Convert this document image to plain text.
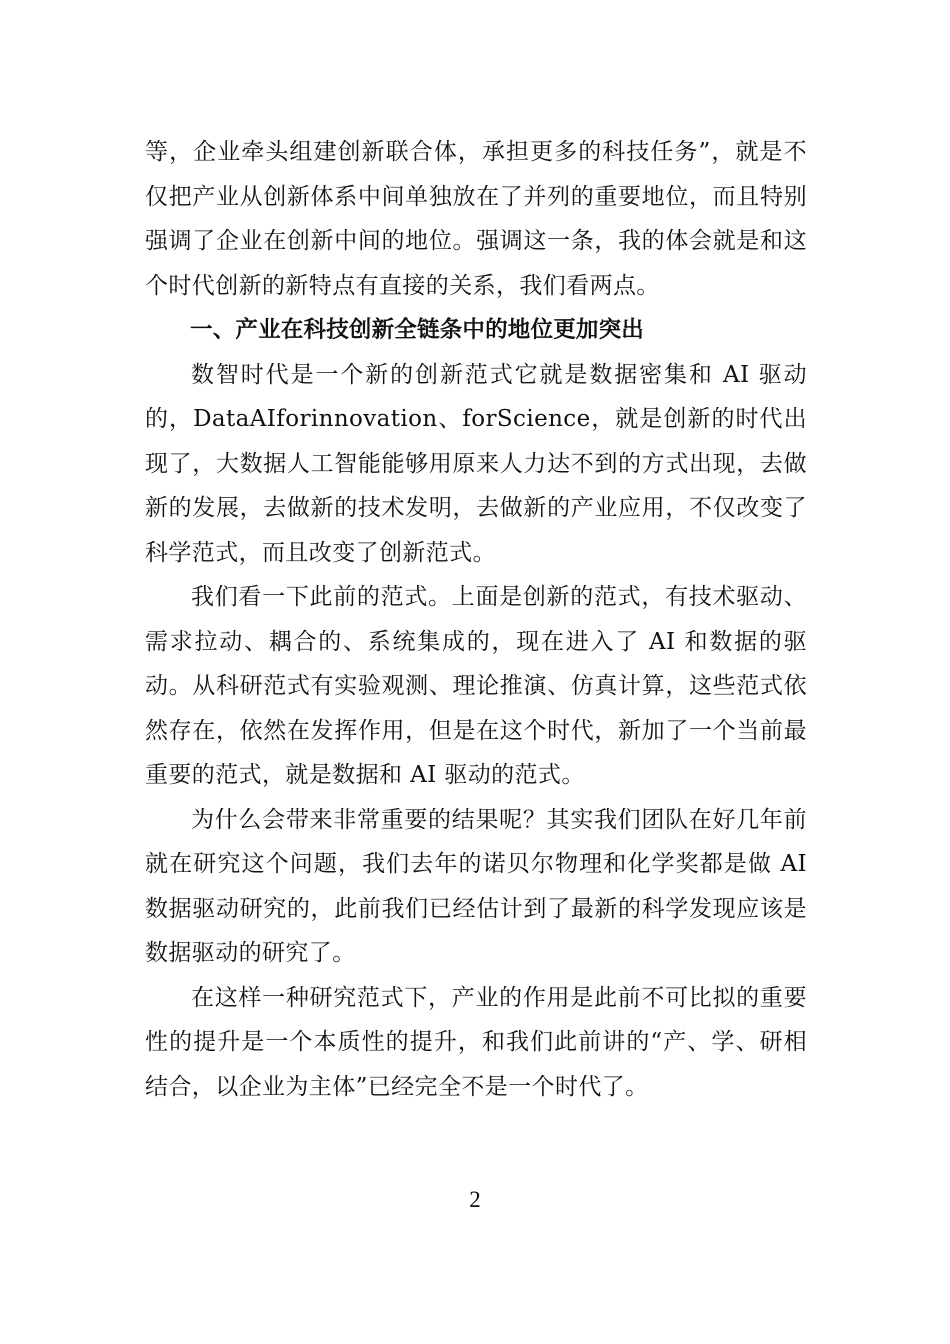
等，企业牵头组建创新联合体，承担更多的科技任务”，就是不仅把产业从创新体系中间单独放在了并列的重要地位，而且特别强调了企业在创新中间的地位。强调这一条，我的体会就是和这个时代创新的新特点有直接的关系，我们看两点。

一、产业在科技创新全链条中的地位更加突出

数智时代是一个新的创新范式它就是数据密集和 AI 驱动的，DataAIforinnovation、forScience，就是创新的时代出现了，大数据人工智能能够用原来人力达不到的方式出现，去做新的发展，去做新的技术发明，去做新的产业应用，不仅改变了科学范式，而且改变了创新范式。

我们看一下此前的范式。上面是创新的范式，有技术驱动、需求拉动、耦合的、系统集成的，现在进入了 AI 和数据的驱动。从科研范式有实验观测、理论推演、仿真计算，这些范式依然存在，依然在发挥作用，但是在这个时代，新加了一个当前最重要的范式，就是数据和 AI 驱动的范式。

为什么会带来非常重要的结果呢？其实我们团队在好几年前就在研究这个问题，我们去年的诺贝尔物理和化学奖都是做 AI 数据驱动研究的，此前我们已经估计到了最新的科学发现应该是数据驱动的研究了。

在这样一种研究范式下，产业的作用是此前不可比拟的重要性的提升是一个本质性的提升，和我们此前讲的“产、学、研相结合，以企业为主体”已经完全不是一个时代了。

2
